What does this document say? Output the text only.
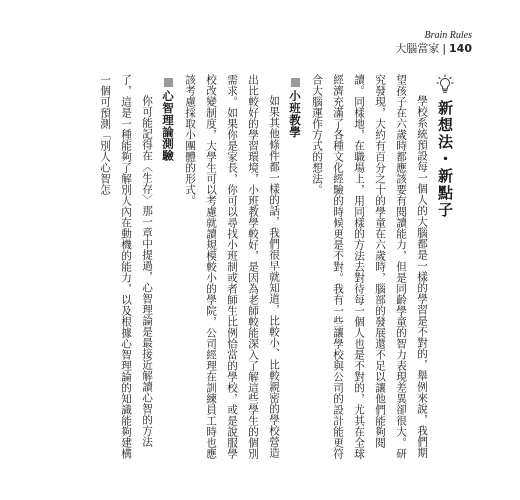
Brain Rules
大腦當家 | 140
新想法・新點子

學校系統預設每一個人的大腦都是一樣的學習是不對的，舉例來說，我們期望孩子在六歲時都應該要有閱讀能力，但是同齡學童的智力表現差異卻很大。研究發現，大約有百分之十的學童在六歲時，腦部的發展還不足以讓他們能夠閱讀。同樣地，在職場上，用同樣的方法去對待每一個人也是不對的，尤其在全球經濟充滿了各種文化經驗的時候更是不對。我有一些讓學校與公司的設計能更符合大腦運作方式的想法。

小班教學

如果其他條件都一樣的話，我們很早就知道，比較小、比較親密的學校營造出比較好的學習環境，小班教學較好，是因為老師較能深入了解這些學生的個別需求。如果你是家長，你可以尋找小班制或者師生比例恰當的學校，或是說服學校改變制度，大學生可以考慮就讀規模較小的學院，公司經理在訓練員工時也應該考慮採取小團體的形式。

心智理論測驗

你可能記得在〈生存〉那一章中提過，心智理論是最接近解讀心智的方法了，這是一種能夠了解別人內在動機的能力，以及根據心智理論的知識能夠建構一個可預測「別人心智怎
